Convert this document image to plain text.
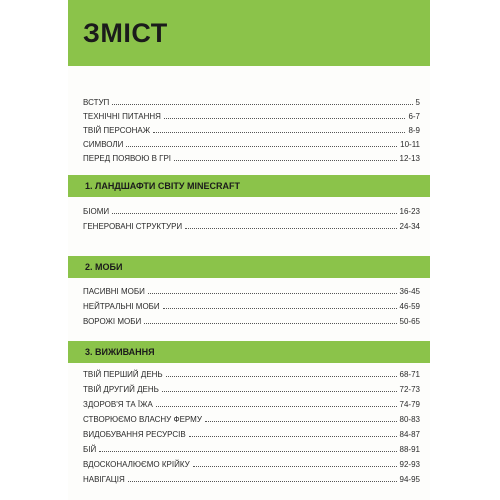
ЗМІСТ
ВСТУП	5
ТЕХНІЧНІ ПИТАННЯ	6-7
ТВІЙ ПЕРСОНАЖ	8-9
СИМВОЛИ	10-11
ПЕРЕД ПОЯВОЮ В ГРІ	12-13
1. ЛАНДШАФТИ СВІТУ MINECRAFT
БІОМИ	16-23
ГЕНЕРОВАНІ СТРУКТУРИ	24-34
2. МОБИ
ПАСИВНІ МОБИ	36-45
НЕЙТРАЛЬНІ МОБИ	46-59
ВОРОЖІ МОБИ	50-65
3. ВИЖИВАННЯ
ТВІЙ ПЕРШИЙ ДЕНЬ	68-71
ТВІЙ ДРУГИЙ ДЕНЬ	72-73
ЗДОРОВ'Я ТА ЇЖА	74-79
СТВОРЮЄМО ВЛАСНУ ФЕРМУ	80-83
ВИДОБУВАННЯ РЕСУРСІВ	84-87
БІЙ	88-91
ВДОСКОНАЛЮЄМО КРІЙКУ	92-93
НАВІГАЦІЯ	94-95
